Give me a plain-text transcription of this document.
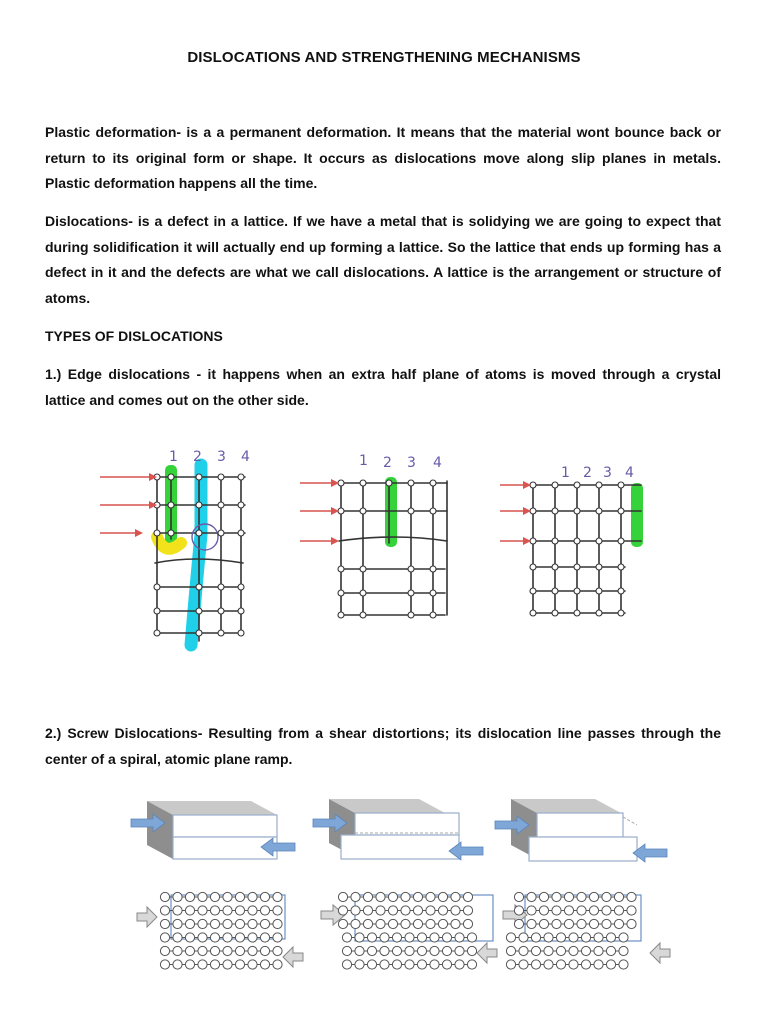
DISLOCATIONS AND STRENGTHENING MECHANISMS

Plastic deformation- is a a permanent deformation. It means that the material wont bounce back or return to its original form or shape. It occurs as dislocations move along slip planes in metals. Plastic deformation happens all the time.

Dislocations- is a defect in a lattice. If we have a metal that is solidying we are going to expect that during solidification it will actually end up forming a lattice. So the lattice that ends up forming has a defect in it and the defects are what we call dislocations. A lattice is the arrangement or structure of atoms.

TYPES OF DISLOCATIONS

1.) Edge dislocations - it happens when an extra half plane of atoms is moved through a crystal lattice and comes out on the other side.

1 2 3 4	1 2 3 4
1 2 3 4

2.) Screw Dislocations- Resulting from a shear distortions; its dislocation line passes through the center of a spiral, atomic plane ramp.
